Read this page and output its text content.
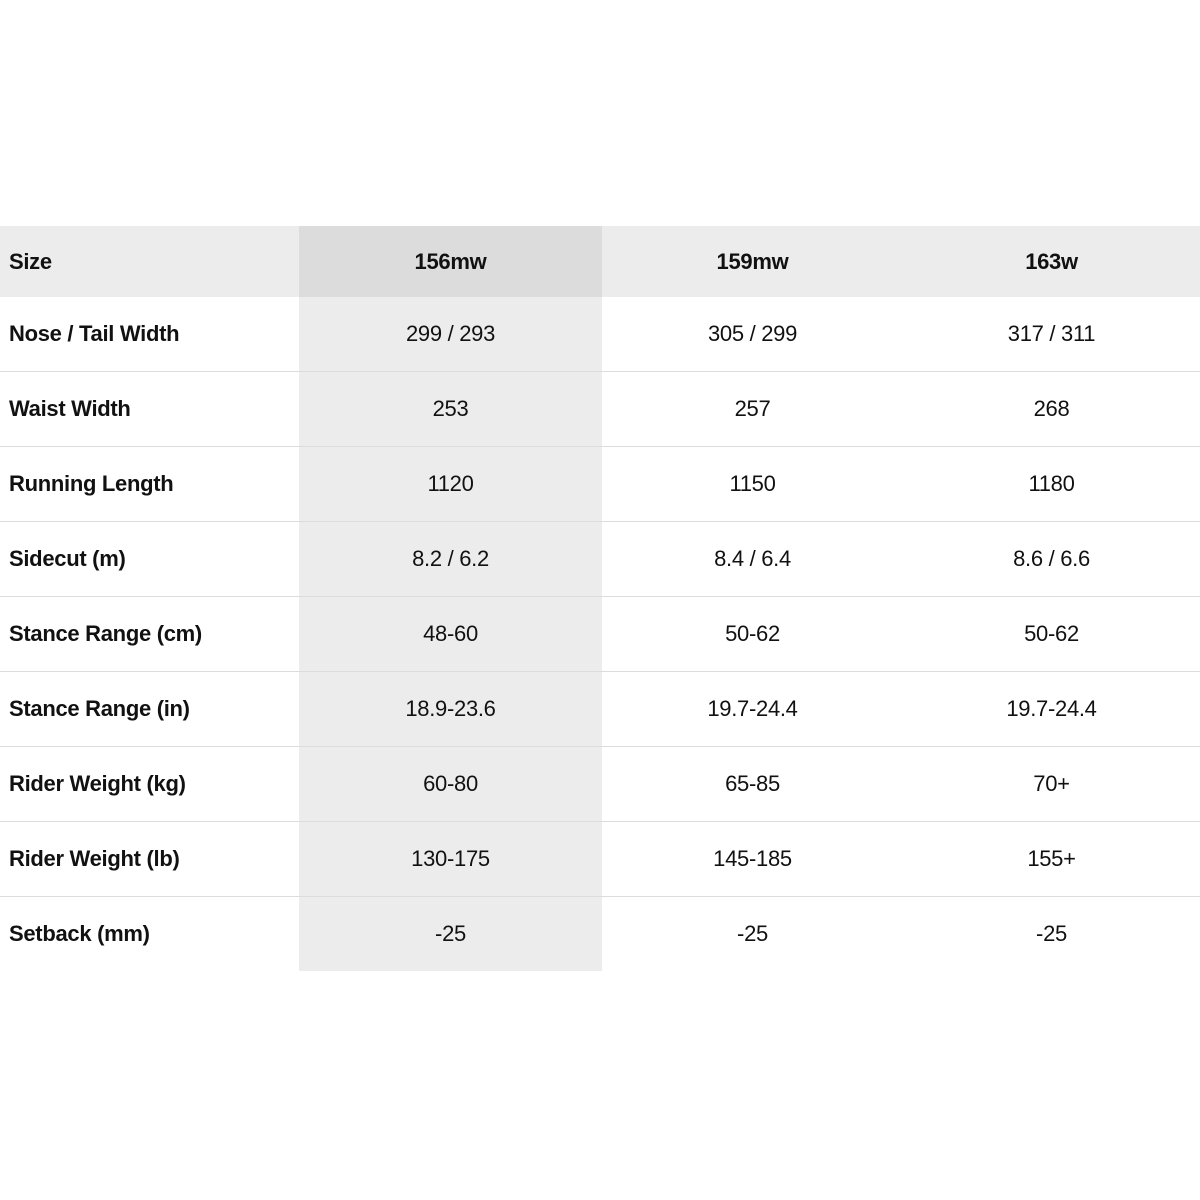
Size	156mw	159mw	163w
Nose / Tail Width	299 / 293	305 / 299	317 / 311
Waist Width	253	257	268
Running Length	1120	1150	1180
Sidecut (m)	8.2 / 6.2	8.4 / 6.4	8.6 / 6.6
Stance Range (cm)	48-60	50-62	50-62
Stance Range (in)	18.9-23.6	19.7-24.4	19.7-24.4
Rider Weight (kg)	60-80	65-85	70+
Rider Weight (lb)	130-175	145-185	155+
Setback (mm)	-25	-25	-25
